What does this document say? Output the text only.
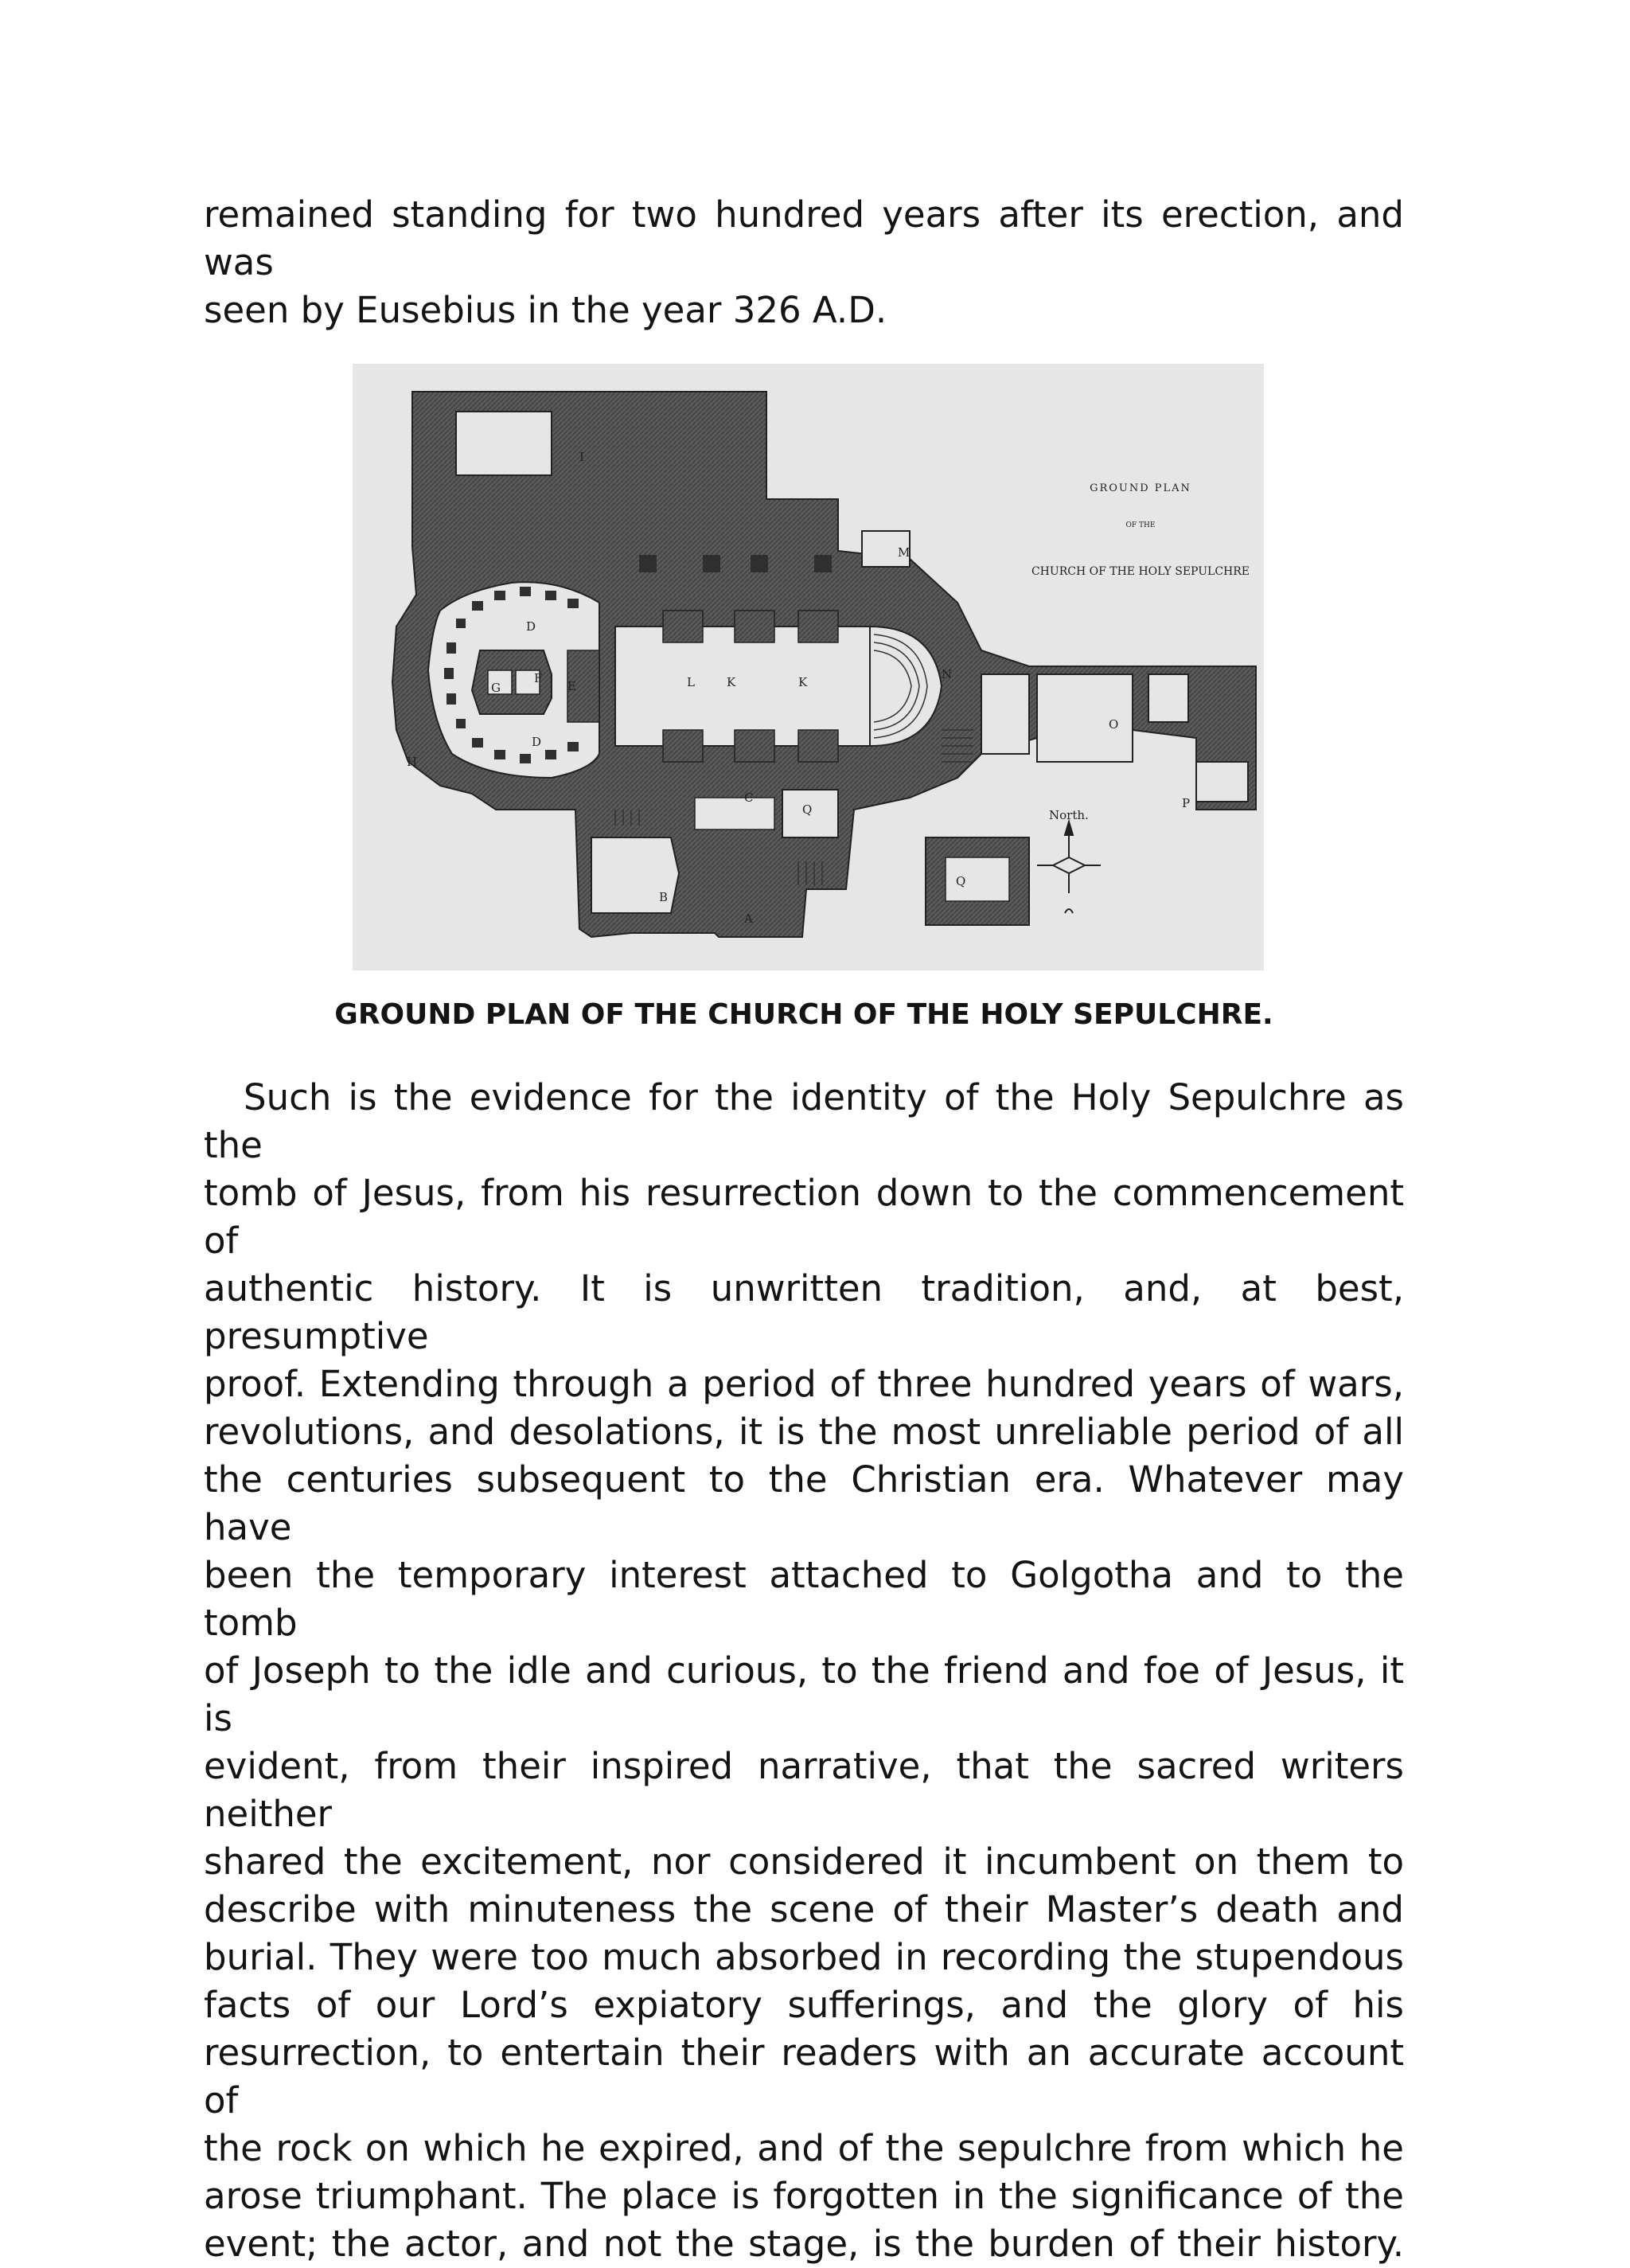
remained standing for two hundred years after its erection, and was
seen by Eusebius in the year 326 A.D.
GROUND PLAN
OF THE
CHURCH OF THE HOLY SEPULCHRE
A
B
C
D
D
E
F
G
H
I
K	K
L
M
N
O
P
Q
Q
North.
GROUND PLAN OF THE CHURCH OF THE HOLY SEPULCHRE.
Such is the evidence for the identity of the Holy Sepulchre as the
tomb of Jesus, from his resurrection down to the commencement of
authentic history. It is unwritten tradition, and, at best, presumptive
proof. Extending through a period of three hundred years of wars,
revolutions, and desolations, it is the most unreliable period of all
the centuries subsequent to the Christian era. Whatever may have
been the temporary interest attached to Golgotha and to the tomb
of Joseph to the idle and curious, to the friend and foe of Jesus, it is
evident, from their inspired narrative, that the sacred writers neither
shared the excitement, nor considered it incumbent on them to
describe with minuteness the scene of their Master’s death and
burial. They were too much absorbed in recording the stupendous
facts of our Lord’s expiatory sufferings, and the glory of his
resurrection, to entertain their readers with an accurate account of
the rock on which he expired, and of the sepulchre from which he
arose triumphant. The place is forgotten in the significance of the
event; the actor, and not the stage, is the burden of their history.
